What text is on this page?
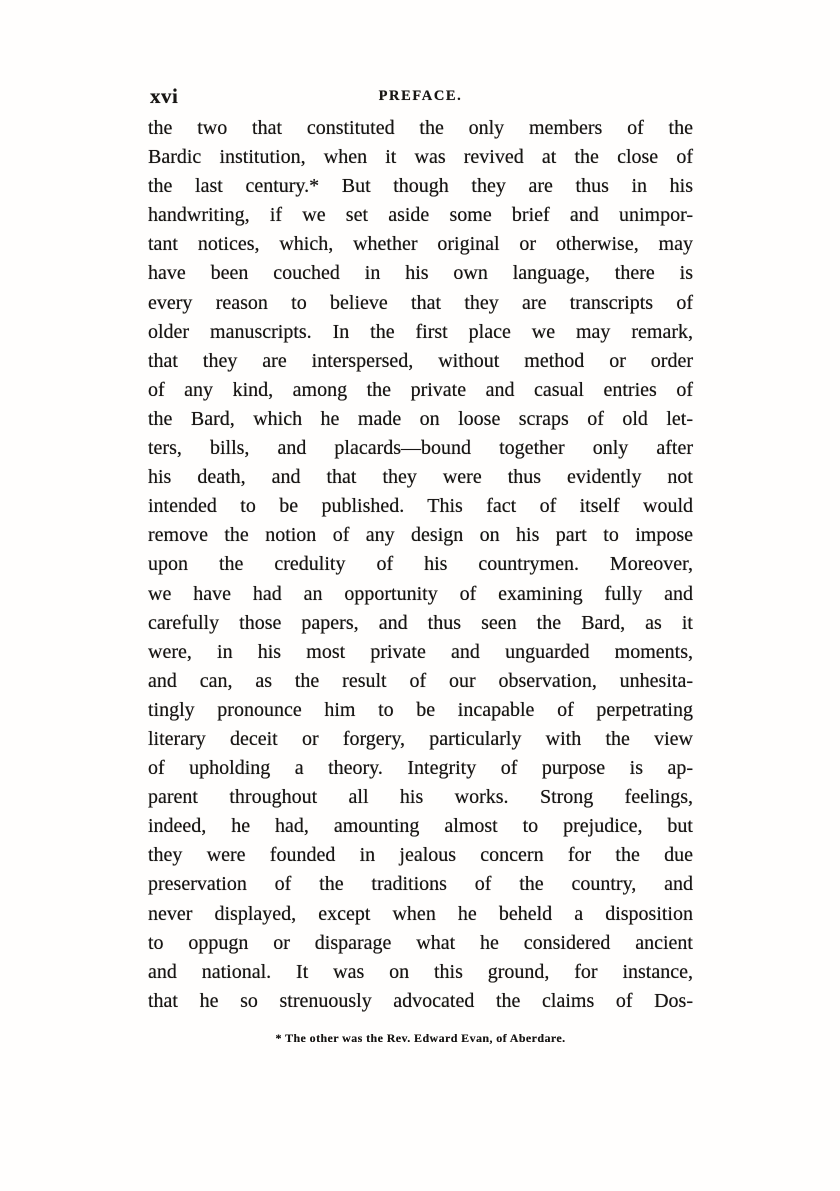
xvi	PREFACE.
the two that constituted the only members of the
Bardic institution, when it was revived at the close of
the last century.* But though they are thus in his
handwriting, if we set aside some brief and unimpor-
tant notices, which, whether original or otherwise, may
have been couched in his own language, there is
every reason to believe that they are transcripts of
older manuscripts. In the first place we may remark,
that they are interspersed, without method or order
of any kind, among the private and casual entries of
the Bard, which he made on loose scraps of old let-
ters, bills, and placards—bound together only after
his death, and that they were thus evidently not
intended to be published. This fact of itself would
remove the notion of any design on his part to impose
upon the credulity of his countrymen. Moreover,
we have had an opportunity of examining fully and
carefully those papers, and thus seen the Bard, as it
were, in his most private and unguarded moments,
and can, as the result of our observation, unhesita-
tingly pronounce him to be incapable of perpetrating
literary deceit or forgery, particularly with the view
of upholding a theory. Integrity of purpose is ap-
parent throughout all his works. Strong feelings,
indeed, he had, amounting almost to prejudice, but
they were founded in jealous concern for the due
preservation of the traditions of the country, and
never displayed, except when he beheld a disposition
to oppugn or disparage what he considered ancient
and national. It was on this ground, for instance,
that he so strenuously advocated the claims of Dos-
* The other was the Rev. Edward Evan, of Aberdare.
